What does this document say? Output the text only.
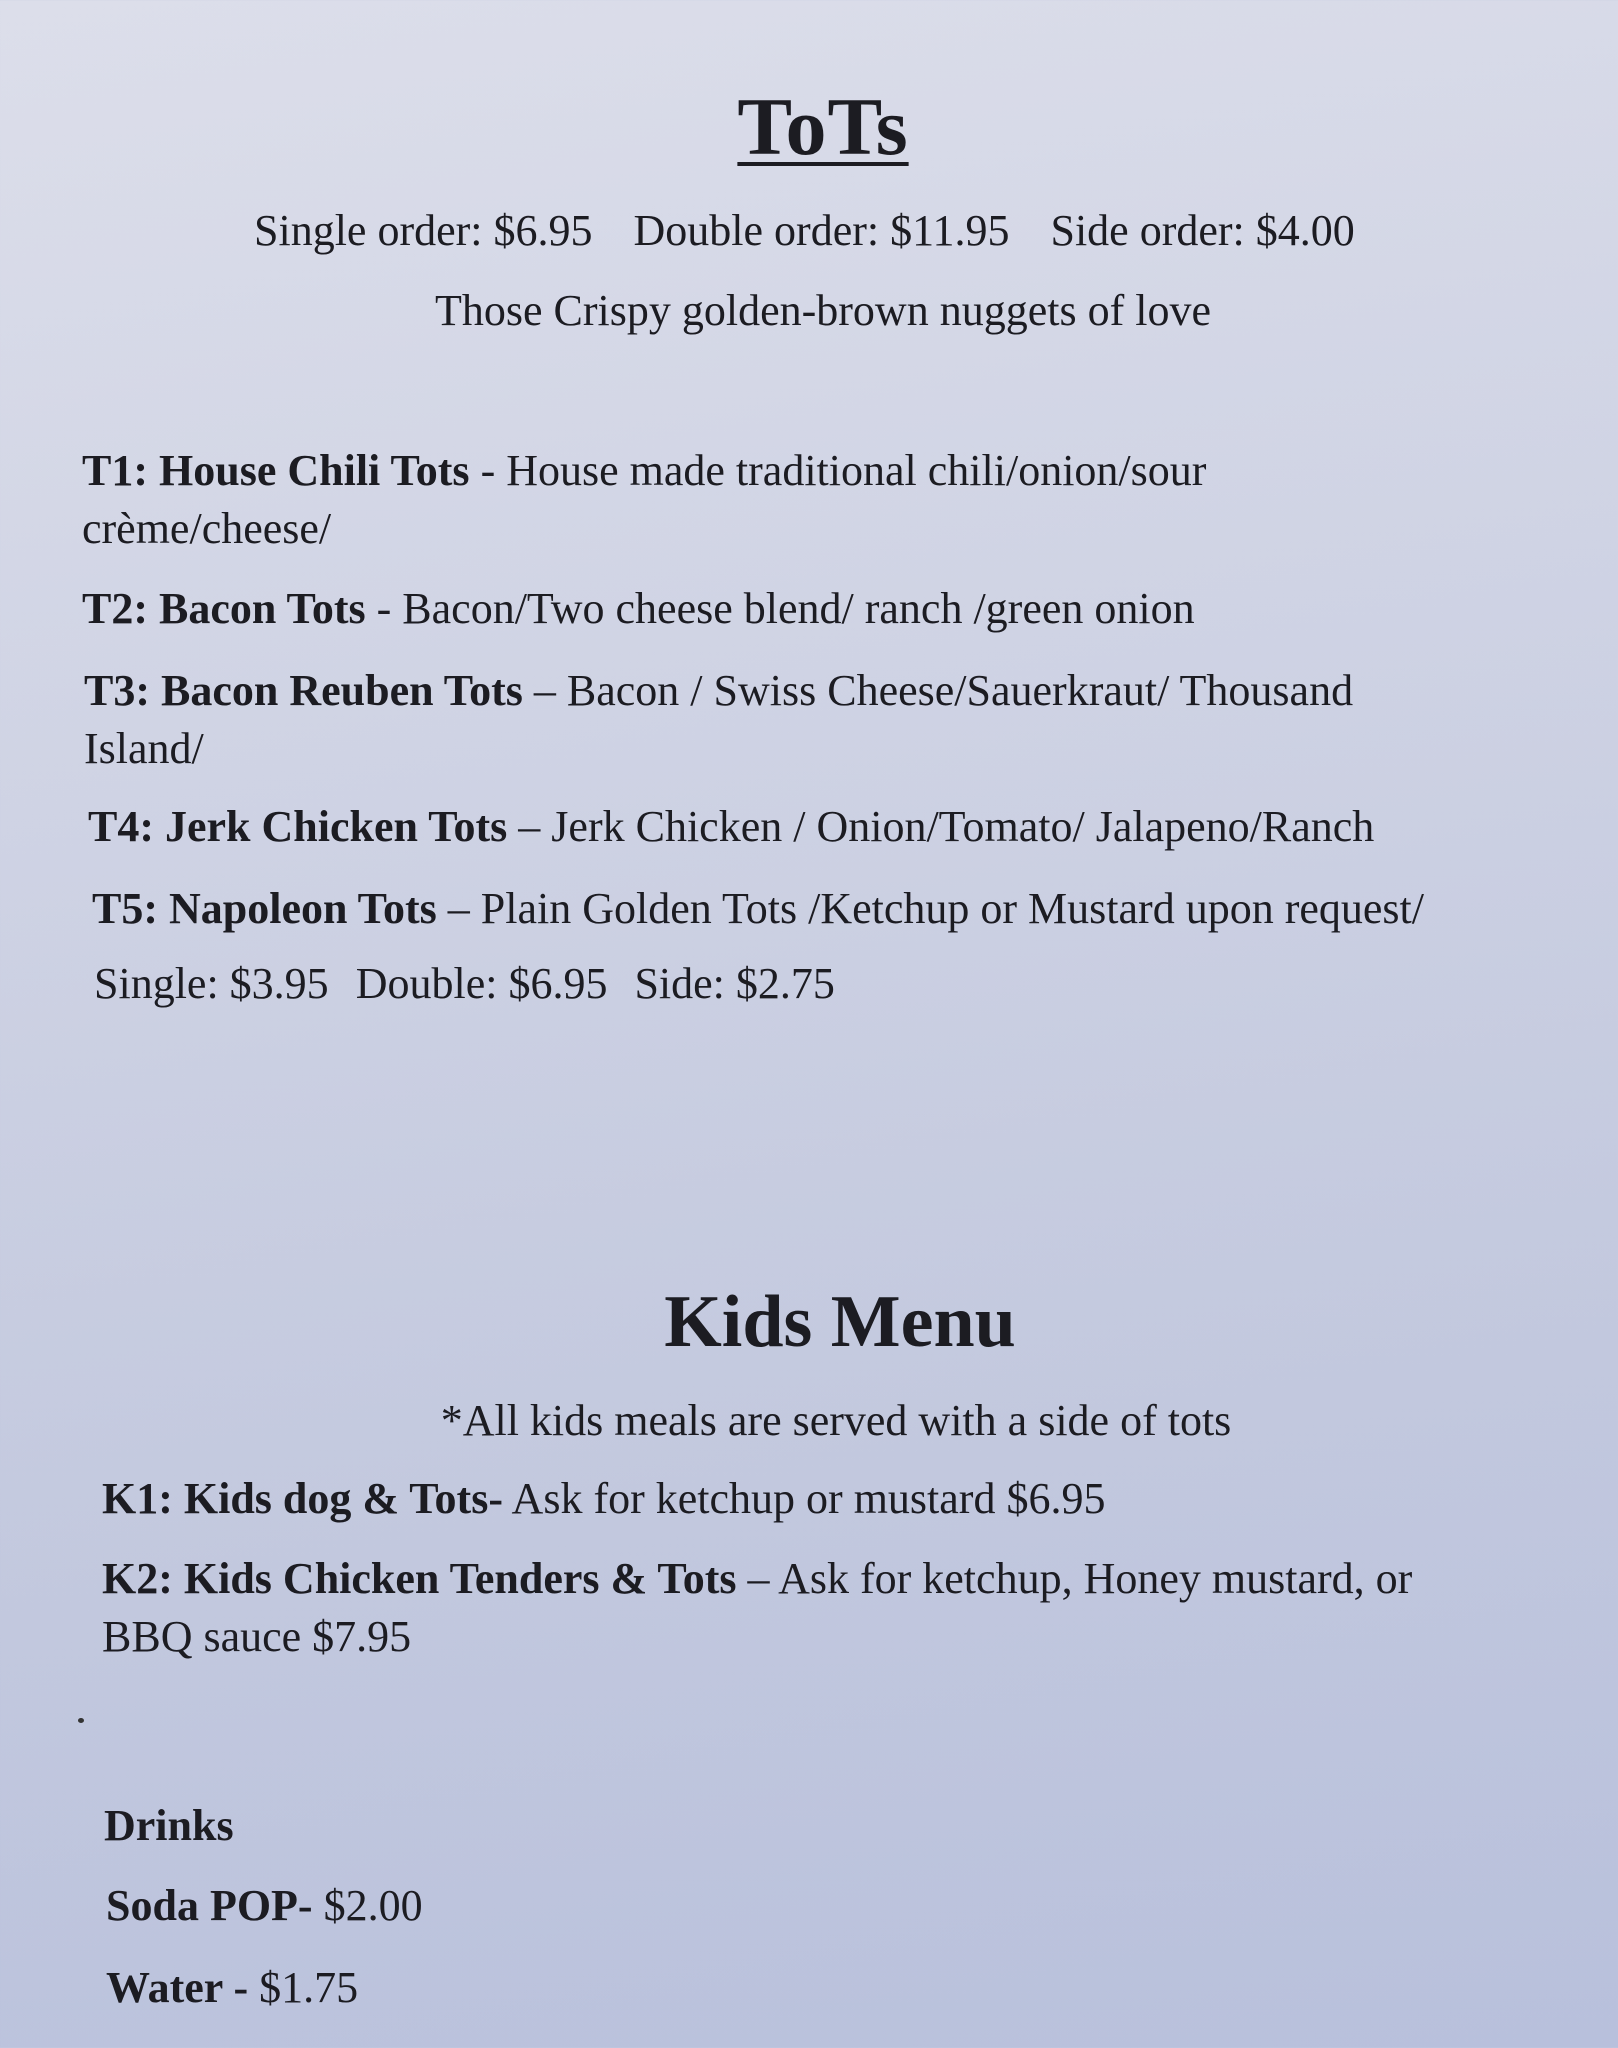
ToTs
Single order: $6.95 Double order: $11.95 Side order: $4.00
Those Crispy golden-brown nuggets of love
T1: House Chili Tots - House made traditional chili/onion/sour
crème/cheese/
T2: Bacon Tots - Bacon/Two cheese blend/ ranch /green onion
T3: Bacon Reuben Tots – Bacon / Swiss Cheese/Sauerkraut/ Thousand
Island/
T4: Jerk Chicken Tots – Jerk Chicken / Onion/Tomato/ Jalapeno/Ranch
T5: Napoleon Tots – Plain Golden Tots /Ketchup or Mustard upon request/
Single: $3.95 Double: $6.95 Side: $2.75
Kids Menu
*All kids meals are served with a side of tots
K1: Kids dog & Tots- Ask for ketchup or mustard $6.95
K2: Kids Chicken Tenders & Tots – Ask for ketchup, Honey mustard, or
BBQ sauce $7.95
Drinks
Soda POP- $2.00
Water - $1.75
